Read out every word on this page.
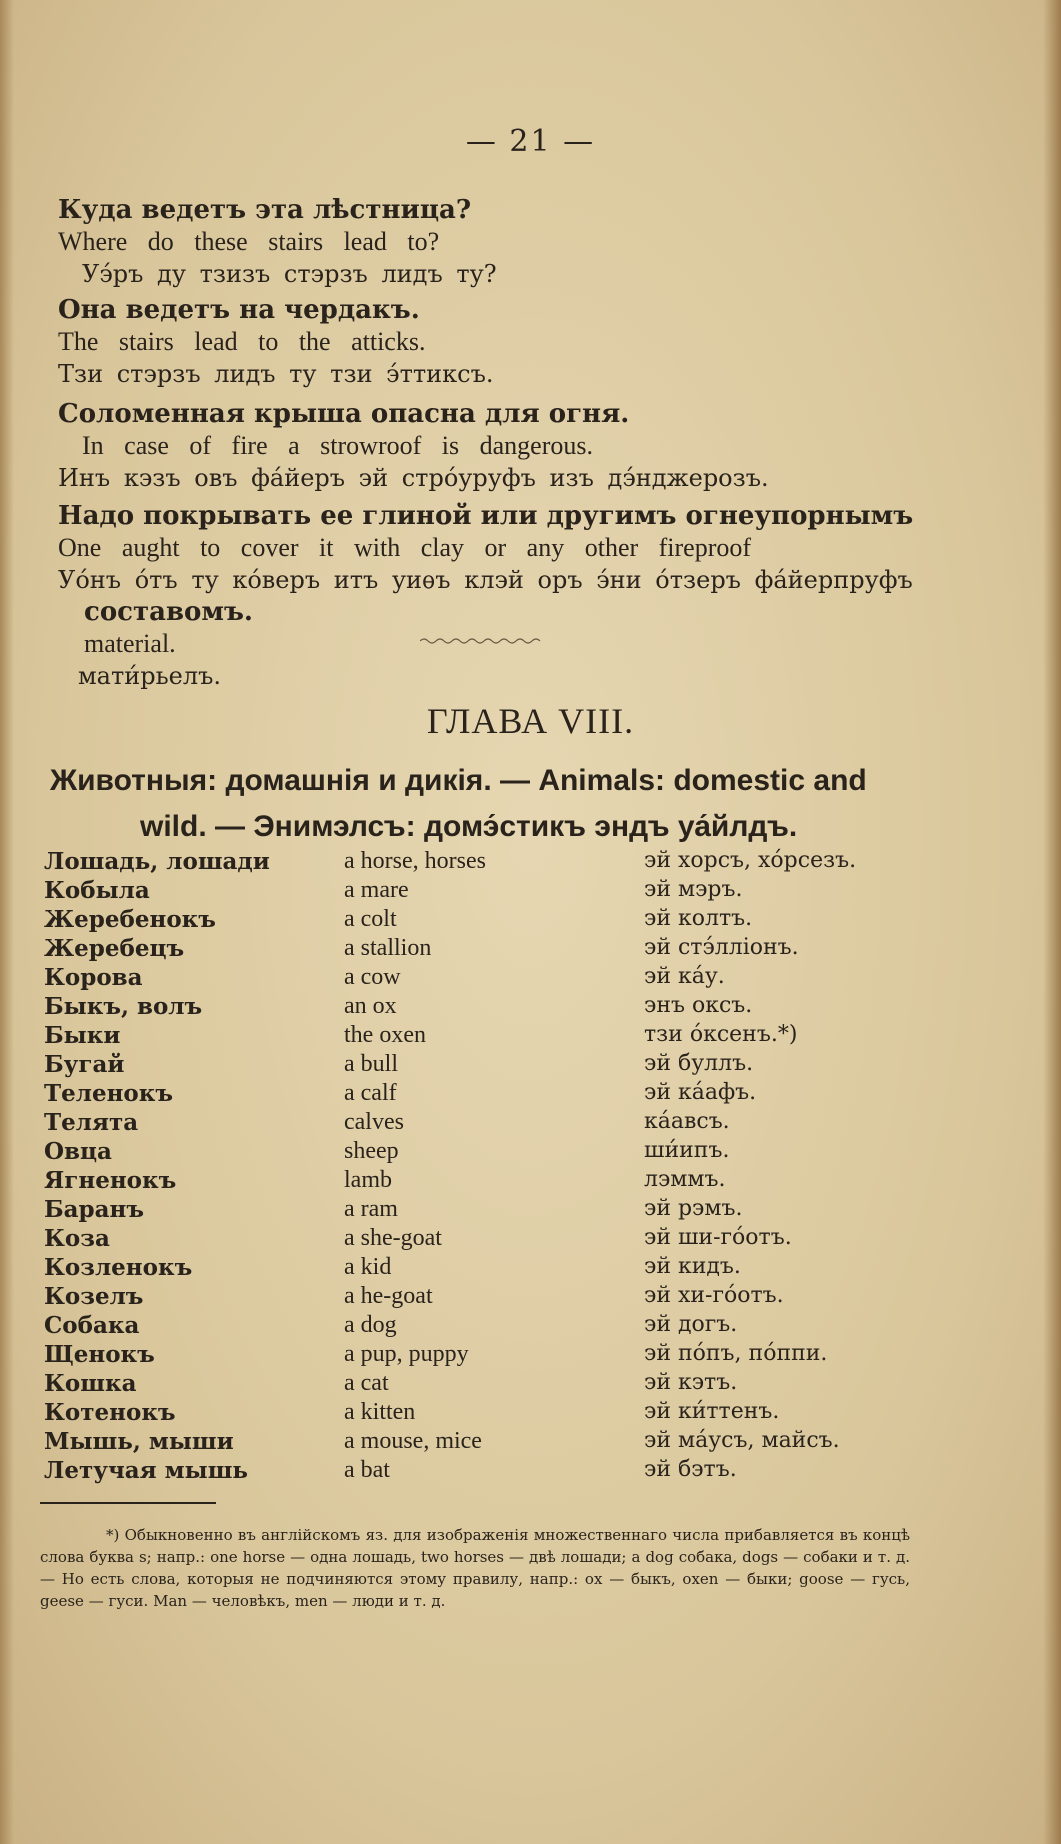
— 21 —
Куда ведетъ эта лѣстница?
Where do these stairs lead to?
Уэ́ръ ду тзизъ стэрзъ лидъ ту?
Она ведетъ на чердакъ.
The stairs lead to the atticks.
Тзи стэрзъ лидъ ту тзи э́ттиксъ.
Соломенная крыша опасна для огня.
In case of fire a strowroof is dangerous.
Инъ кэзъ овъ фа́йеръ эй стро́уруфъ изъ дэ́нджерозъ.
Надо покрывать ее глиной или другимъ огнеупорнымъ
One aught to cover it with clay or any other fireproof
Уо́нъ о́тъ ту ко́веръ итъ уиѳъ клэй оръ э́ни о́тзеръ фа́йерпруфъ
составомъ.
material.
мати́рьелъ.
ГЛАВА VIII.
Животныя: домашнія и дикія. — Animals: domestic and
wild. — Энимэлсъ: домэ́стикъ эндъ уа́йлдъ.
Лошадь, лошади	a horse, horses	эй хорсъ, хо́рсезъ.
Кобыла	a mare	эй мэръ.
Жеребенокъ	a colt	эй колтъ.
Жеребецъ	a stallion	эй стэ́лліонъ.
Корова	a cow	эй ка́у.
Быкъ, волъ	an ox	энъ оксъ.
Быки	the oxen	тзи о́ксенъ.*)
Бугай	a bull	эй буллъ.
Теленокъ	a calf	эй ка́афъ.
Телята	calves	ка́авсъ.
Овца	sheep	ши́ипъ.
Ягненокъ	lamb	лэммъ.
Баранъ	a ram	эй рэмъ.
Коза	a she-goat	эй ши-го́отъ.
Козленокъ	a kid	эй кидъ.
Козелъ	a he-goat	эй хи-го́отъ.
Собака	a dog	эй догъ.
Щенокъ	a pup, puppy	эй по́пъ, по́ппи.
Кошка	a cat	эй кэтъ.
Котенокъ	a kitten	эй ки́ттенъ.
Мышь, мыши	a mouse, mice	эй ма́усъ, майсъ.
Летучая мышь	a bat	эй бэтъ.

*) Обыкновенно въ англійскомъ яз. для изображенія множественнаго числа прибавляется въ концѣ слова буква s; напр.: one horse — одна лошадь, two horses — двѣ лошади; a dog собака, dogs — собаки и т. д. — Но есть слова, которыя не подчиняются этому правилу, напр.: ox — быкъ, oxen — быки; goose — гусь, geese — гуси. Man — человѣкъ, men — люди и т. д.
